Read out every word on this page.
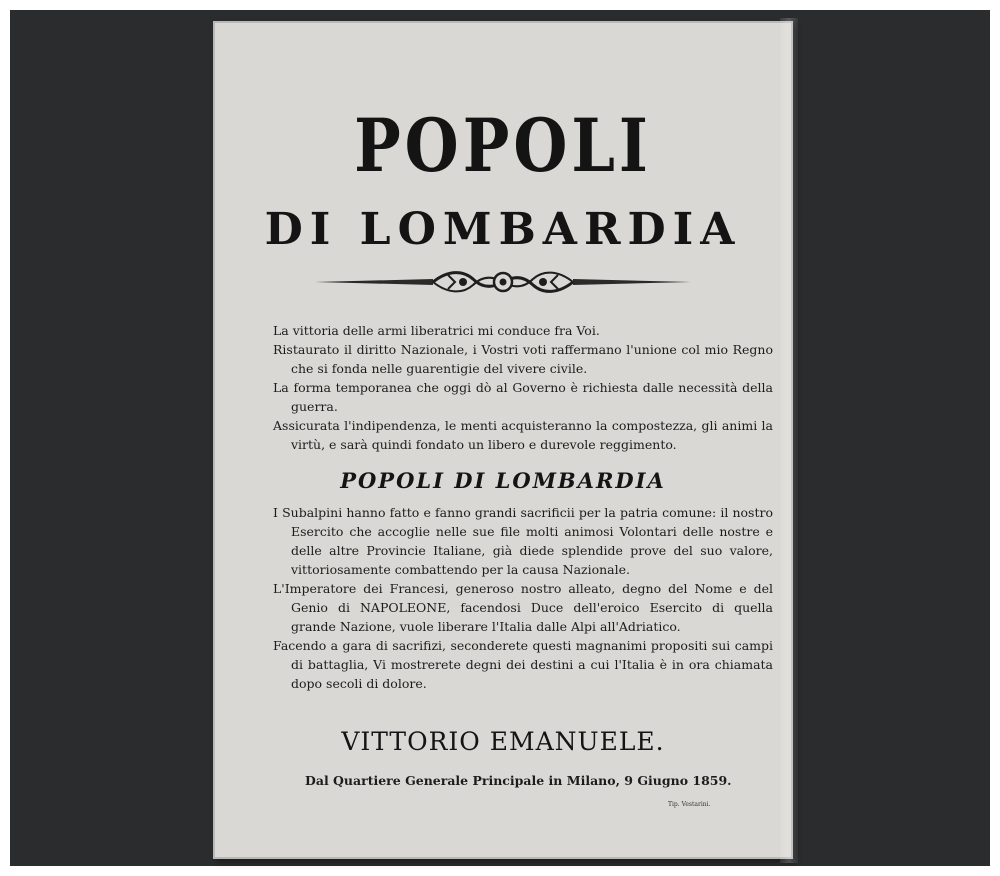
POPOLI
DI LOMBARDIA

La vittoria delle armi liberatrici mi conduce fra Voi.

Ristaurato il diritto Nazionale, i Vostri voti raffermano l'unione col mio Regno che si fonda nelle guarentigie del vivere civile.

La forma temporanea che oggi dò al Governo è richiesta dalle necessità della guerra.

Assicurata l'indipendenza, le menti acquisteranno la compostezza, gli animi la virtù, e sarà quindi fondato un libero e durevole reggimento.

POPOLI DI LOMBARDIA

I Subalpini hanno fatto e fanno grandi sacrificii per la patria comune: il nostro Esercito che accoglie nelle sue file molti animosi Volontari delle nostre e delle altre Provincie Italiane, già diede splendide prove del suo valore, vittoriosamente combattendo per la causa Nazionale.

L'Imperatore dei Francesi, generoso nostro alleato, degno del Nome e del Genio di NAPOLEONE, facendosi Duce dell'eroico Esercito di quella grande Nazione, vuole liberare l'Italia dalle Alpi all'Adriatico.

Facendo a gara di sacrifizi, seconderete questi magnanimi propositi sui campi di battaglia, Vi mostrerete degni dei destini a cui l'Italia è in ora chiamata dopo secoli di dolore.

VITTORIO EMANUELE.
Dal Quartiere Generale Principale in Milano, 9 Giugno 1859.
Tip. Vestarini.
